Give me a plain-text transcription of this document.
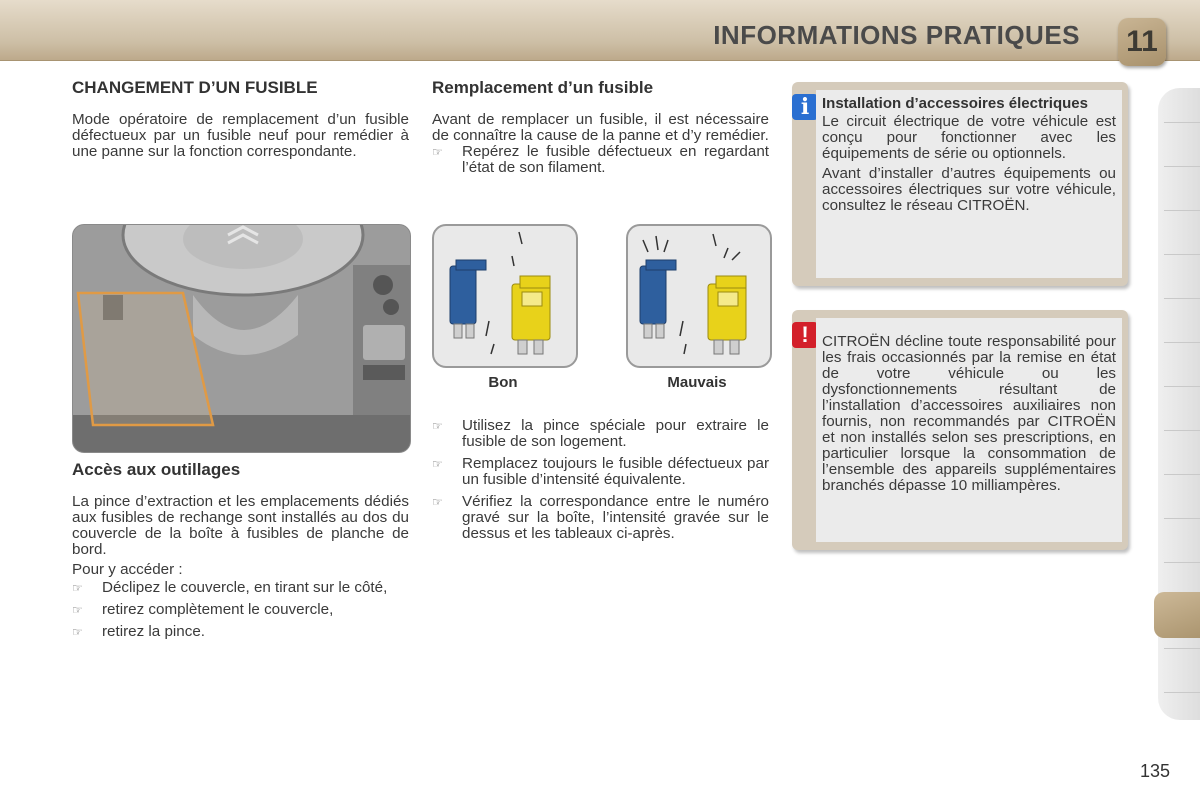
INFORMATIONS PRATIQUES 11
CHANGEMENT D’UN FUSIBLE

Mode opératoire de remplacement d’un fusible défectueux par un fusible neuf pour remédier à une panne sur la fonction correspondante.

Accès aux outillages

La pince d’extraction et les emplacements dédiés aux fusibles de rechange sont installés au dos du couvercle de la boîte à fusibles de planche de bord.

Pour y accéder :

☞ Déclipez le couvercle, en tirant sur le côté,
☞ retirez complètement le couvercle,
☞ retirez la pince.
Remplacement d’un fusible

Avant de remplacer un fusible, il est nécessaire de connaître la cause de la panne et d’y remédier.

☞ Repérez le fusible défectueux en regardant l’état de son filament.
Bon	Mauvais
☞ Utilisez la pince spéciale pour extraire le fusible de son logement.
☞ Remplacez toujours le fusible défectueux par un fusible d’intensité équivalente.
☞ Vérifiez la correspondance entre le numéro gravé sur la boîte, l’intensité gravée sur le dessus et les tableaux ci-après.
i Installation d’accessoires électriques

Le circuit électrique de votre véhicule est conçu pour fonctionner avec les équipements de série ou optionnels.

Avant d’installer d’autres équipements ou accessoires électriques sur votre véhicule, consultez le réseau CITROËN.

! CITROËN décline toute responsabilité pour les frais occasionnés par la remise en état de votre véhicule ou les dysfonctionnements résultant de l’installation d’accessoires auxiliaires non fournis, non recommandés par CITROËN et non installés selon ses prescriptions, en particulier lorsque la consommation de l’ensemble des appareils supplémentaires branchés dépasse 10 milliampères.

135
